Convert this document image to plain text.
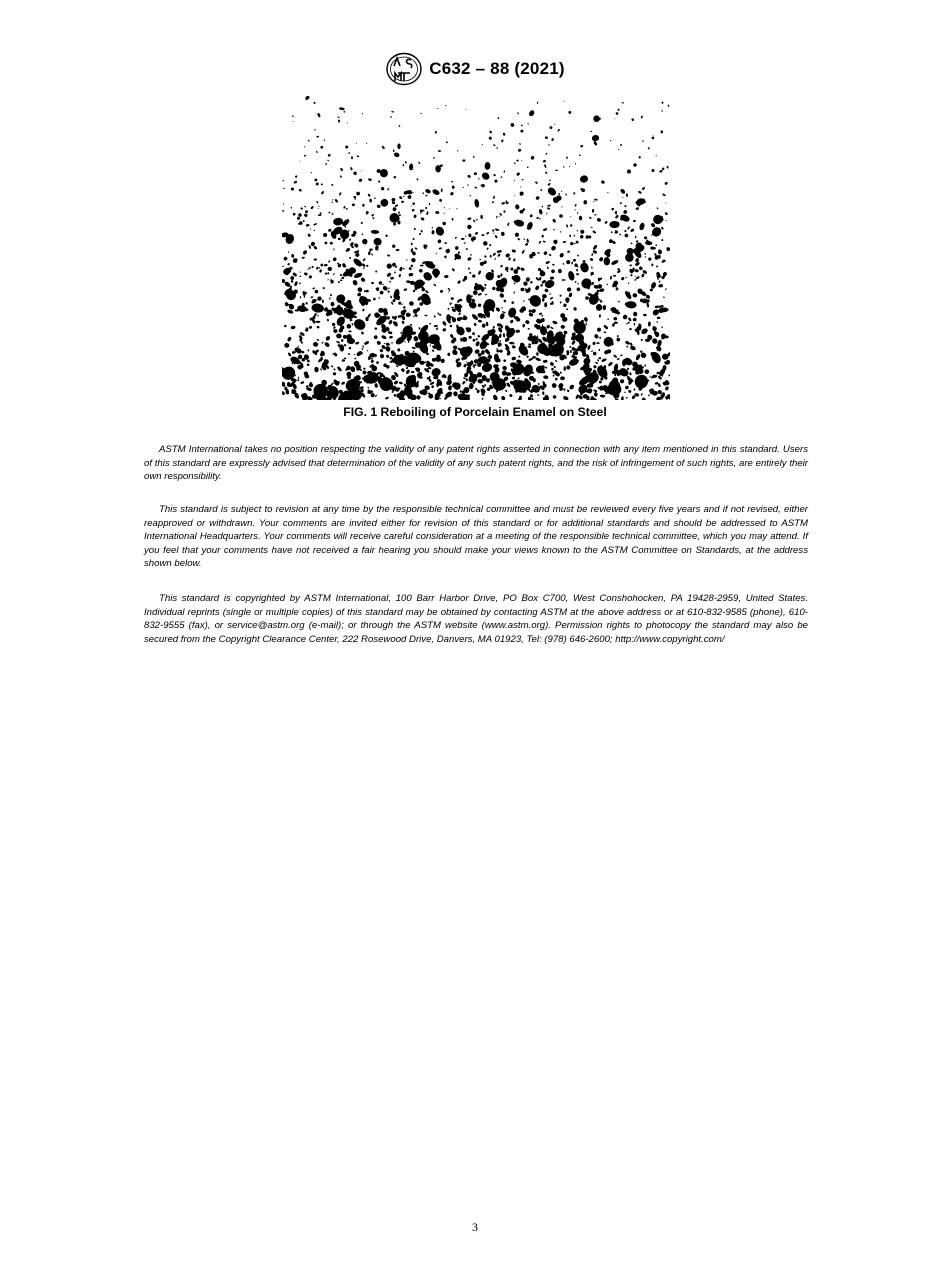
C632 – 88 (2021)
FIG. 1 Reboiling of Porcelain Enamel on Steel

ASTM International takes no position respecting the validity of any patent rights asserted in connection with any item mentioned in this standard. Users of this standard are expressly advised that determination of the validity of any such patent rights, and the risk of infringement of such rights, are entirely their own responsibility.

This standard is subject to revision at any time by the responsible technical committee and must be reviewed every five years and if not revised, either reapproved or withdrawn. Your comments are invited either for revision of this standard or for additional standards and should be addressed to ASTM International Headquarters. Your comments will receive careful consideration at a meeting of the responsible technical committee, which you may attend. If you feel that your comments have not received a fair hearing you should make your views known to the ASTM Committee on Standards, at the address shown below.

This standard is copyrighted by ASTM International, 100 Barr Harbor Drive, PO Box C700, West Conshohocken, PA 19428-2959, United States. Individual reprints (single or multiple copies) of this standard may be obtained by contacting ASTM at the above address or at 610-832-9585 (phone), 610-832-9555 (fax), or service@astm.org (e-mail); or through the ASTM website (www.astm.org). Permission rights to photocopy the standard may also be secured from the Copyright Clearance Center, 222 Rosewood Drive, Danvers, MA 01923, Tel: (978) 646-2600; http://www.copyright.com/

3
